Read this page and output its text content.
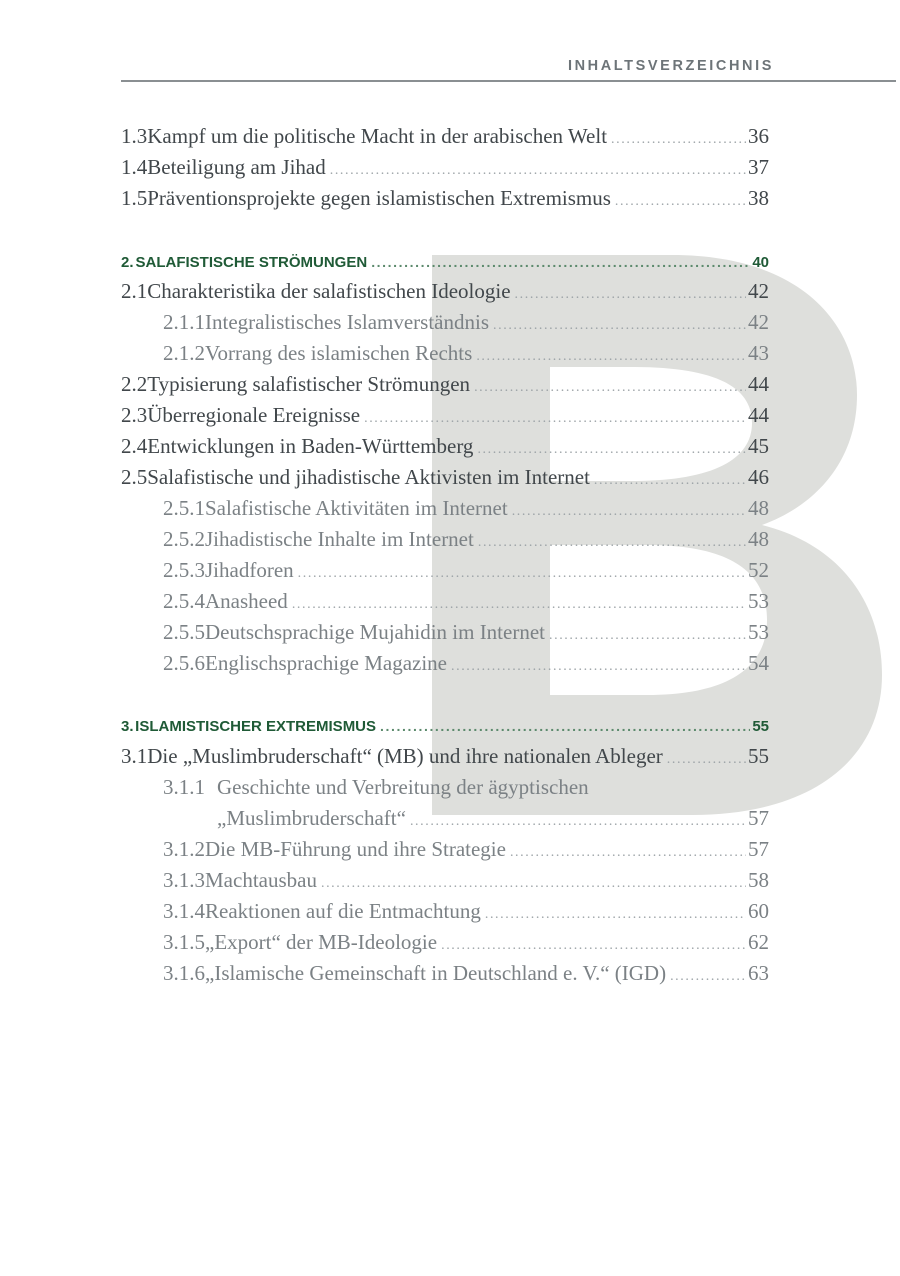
INHALTSVERZEICHNIS
1.3 Kampf um die politische Macht in der arabischen Welt .....	36
1.4 Beteiligung am Jihad .....	37
1.5 Präventionsprojekte gegen islamistischen Extremismus .....	38
2. SALAFISTISCHE STRÖMUNGEN .....	40
2.1 Charakteristika der salafistischen Ideologie .....	42
2.1.1 Integralistisches Islamverständnis .....	42
2.1.2 Vorrang des islamischen Rechts .....	43
2.2 Typisierung salafistischer Strömungen .....	44
2.3 Überregionale Ereignisse .....	44
2.4 Entwicklungen in Baden-Württemberg .....	45
2.5 Salafistische und jihadistische Aktivisten im Internet .....	46
2.5.1 Salafistische Aktivitäten im Internet .....	48
2.5.2 Jihadistische Inhalte im Internet .....	48
2.5.3 Jihadforen .....	52
2.5.4 Anasheed .....	53
2.5.5 Deutschsprachige Mujahidin im Internet .....	53
2.5.6 Englischsprachige Magazine .....	54
3. ISLAMISTISCHER EXTREMISMUS .....	55
3.1 Die „Muslimbruderschaft“ (MB) und ihre nationalen Ableger .....	55
3.1.1 Geschichte und Verbreitung der ägyptischen
„Muslimbruderschaft“ .....	57
3.1.2 Die MB-Führung und ihre Strategie .....	57
3.1.3 Machtausbau .....	58
3.1.4 Reaktionen auf die Entmachtung .....	60
3.1.5 „Export“ der MB-Ideologie .....	62
3.1.6 „Islamische Gemeinschaft in Deutschland e. V.“ (IGD) .....	63
